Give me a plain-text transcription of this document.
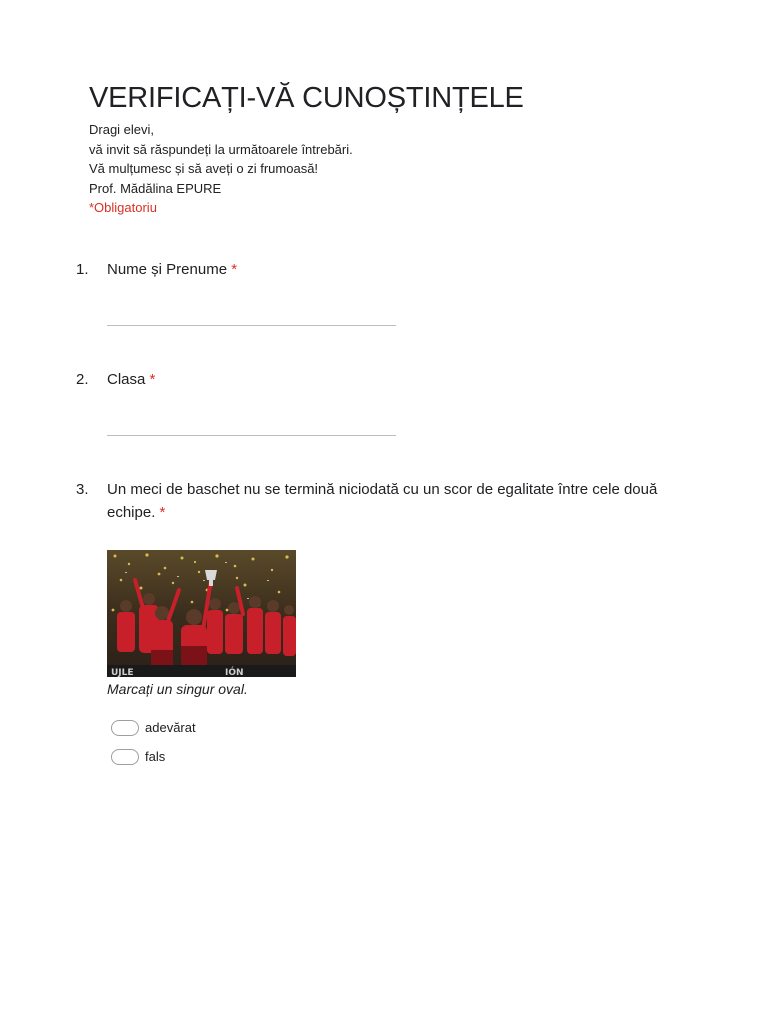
VERIFICAȚI-VĂ CUNOȘTINȚELE
Dragi elevi,
vă invit să răspundeți la următoarele întrebări.
Vă mulțumesc și să aveți o zi frumoasă!
Prof. Mădălina EPURE
*Obligatoriu
1. Nume și Prenume *
2. Clasa *
3. Un meci de baschet nu se termină niciodată cu un scor de egalitate între cele două echipe. *
UJLE	IÓN
Marcați un singur oval.
adevărat
fals
